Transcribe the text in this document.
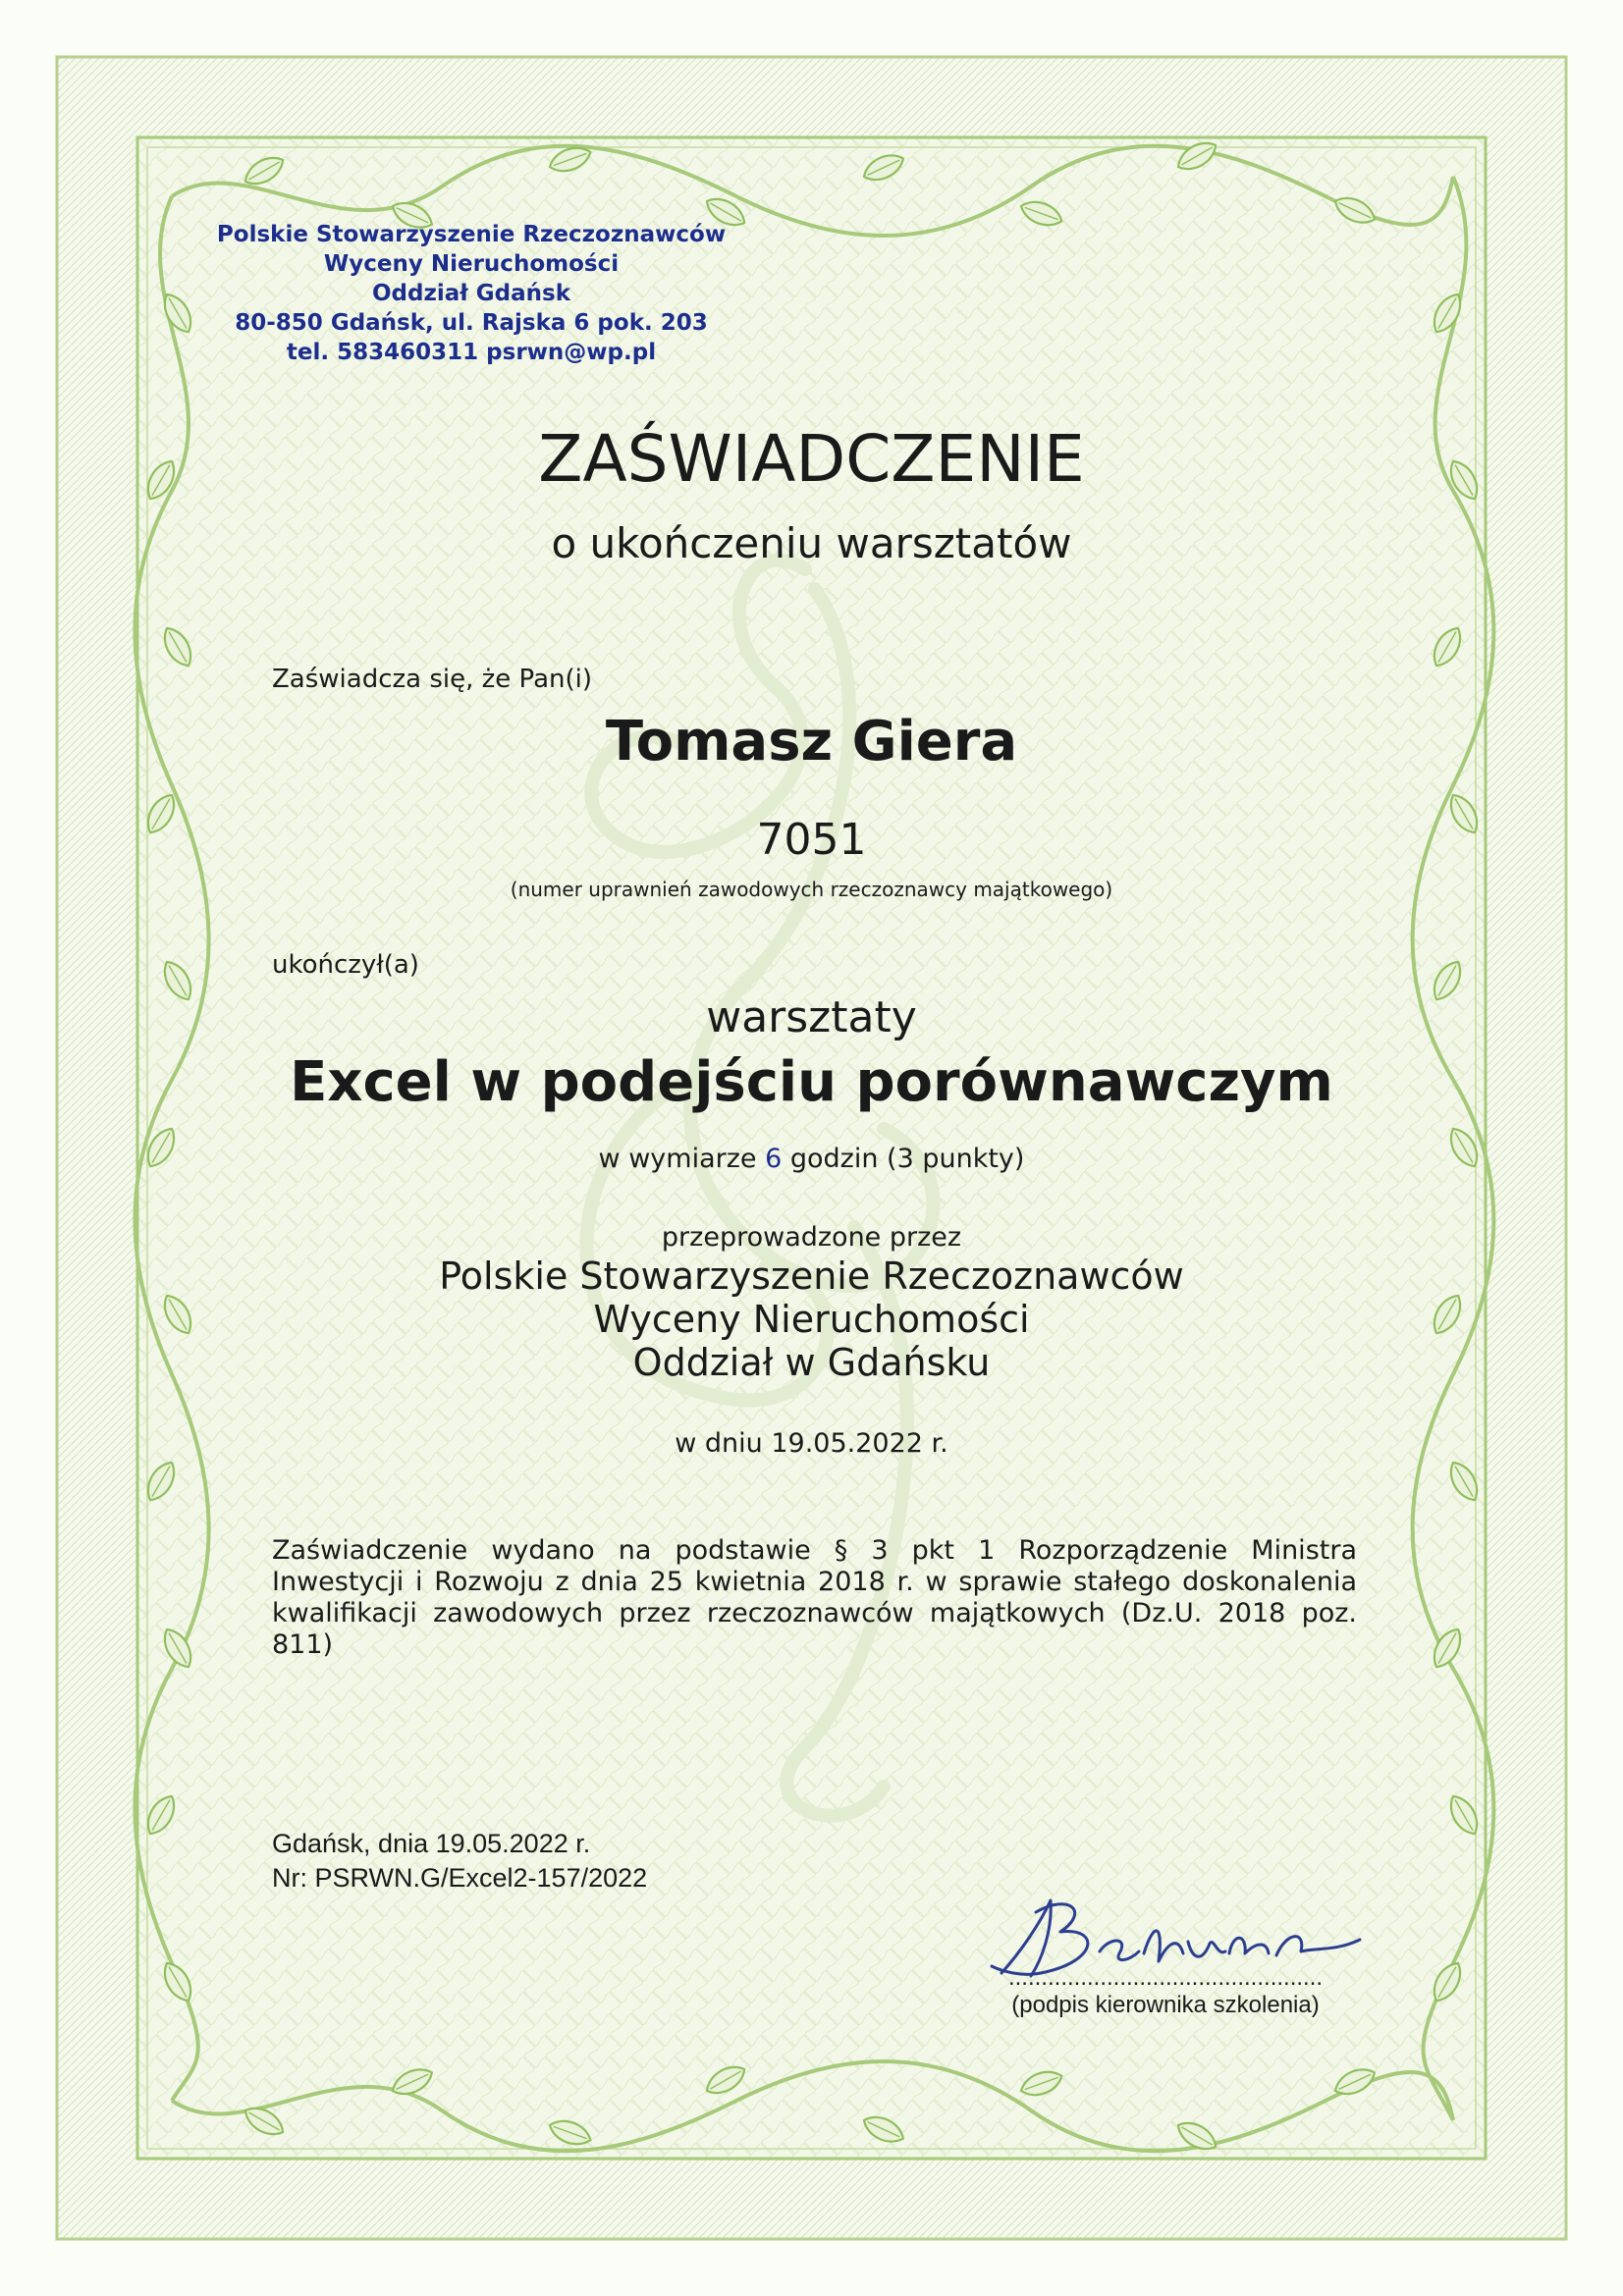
Polskie Stowarzyszenie Rzeczoznawców
Wyceny Nieruchomości
Oddział Gdańsk
80-850 Gdańsk, ul. Rajska 6 pok. 203
tel. 583460311 psrwn@wp.pl
ZAŚWIADCZENIE
o ukończeniu warsztatów
Zaświadcza się, że Pan(i)
Tomasz Giera
7051
(numer uprawnień zawodowych rzeczoznawcy majątkowego)
ukończył(a)
warsztaty
Excel w podejściu porównawczym
w wymiarze 6 godzin (3 punkty)
przeprowadzone przez
Polskie Stowarzyszenie Rzeczoznawców
Wyceny Nieruchomości
Oddział w Gdańsku
w dniu 19.05.2022 r.
Zaświadczenie wydano na podstawie § 3 pkt 1 Rozporządzenie Ministra Inwestycji i Rozwoju z dnia 25 kwietnia 2018 r. w sprawie stałego doskonalenia kwalifikacji zawodowych przez rzeczoznawców majątkowych (Dz.U. 2018 poz. 811)
Gdańsk, dnia 19.05.2022 r.
Nr: PSRWN.G/Excel2-157/2022
................................................
(podpis kierownika szkolenia)
